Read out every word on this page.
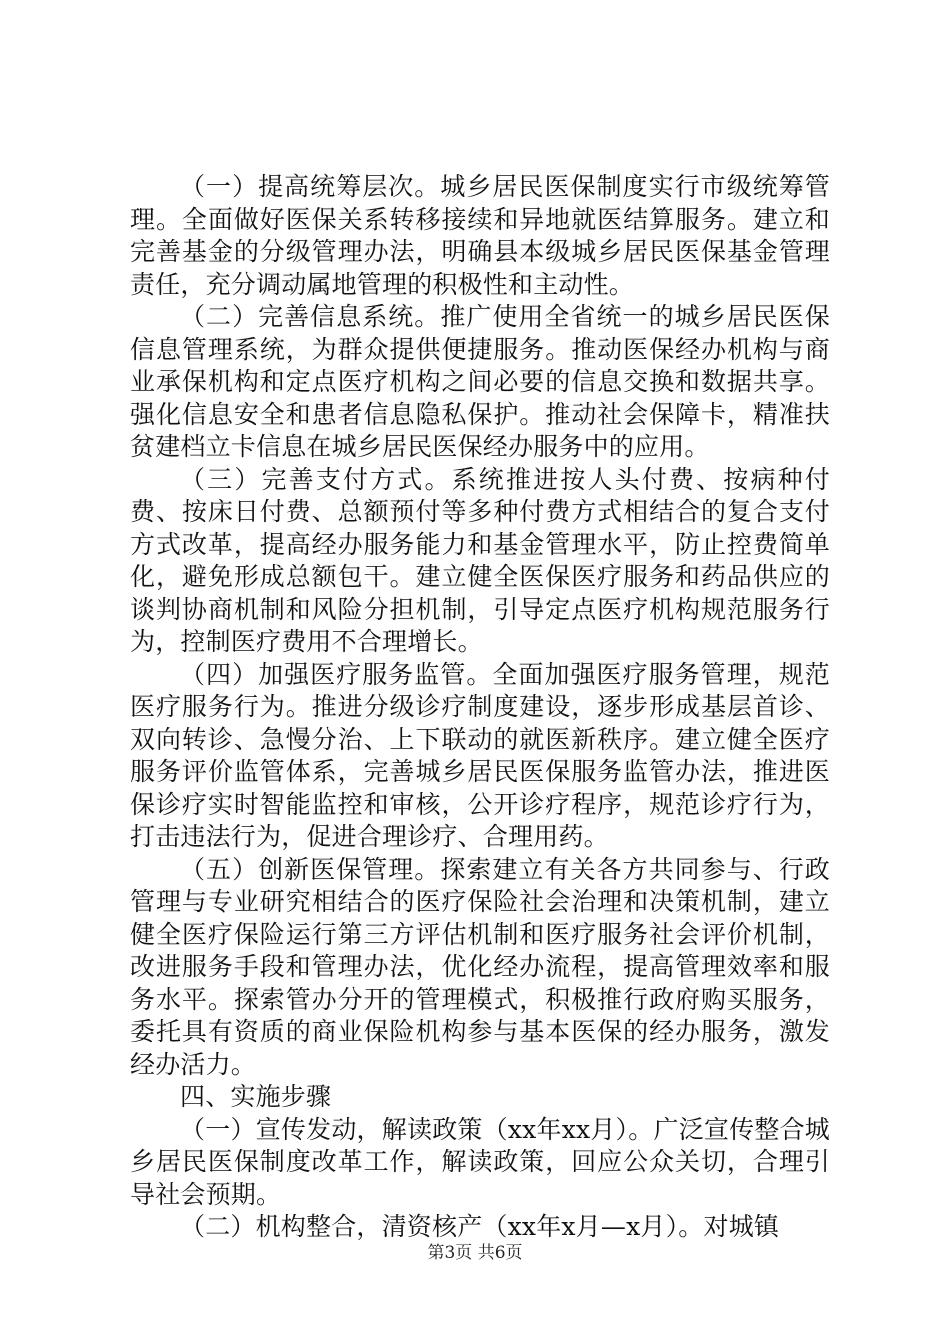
（一）提高统筹层次。城乡居民医保制度实行市级统筹管理。全面做好医保关系转移接续和异地就医结算服务。建立和完善基金的分级管理办法，明确县本级城乡居民医保基金管理责任，充分调动属地管理的积极性和主动性。

（二）完善信息系统。推广使用全省统一的城乡居民医保信息管理系统，为群众提供便捷服务。推动医保经办机构与商业承保机构和定点医疗机构之间必要的信息交换和数据共享。强化信息安全和患者信息隐私保护。推动社会保障卡，精准扶贫建档立卡信息在城乡居民医保经办服务中的应用。

（三）完善支付方式。系统推进按人头付费、按病种付费、按床日付费、总额预付等多种付费方式相结合的复合支付方式改革，提高经办服务能力和基金管理水平，防止控费简单化，避免形成总额包干。建立健全医保医疗服务和药品供应的谈判协商机制和风险分担机制，引导定点医疗机构规范服务行为，控制医疗费用不合理增长。

（四）加强医疗服务监管。全面加强医疗服务管理，规范医疗服务行为。推进分级诊疗制度建设，逐步形成基层首诊、双向转诊、急慢分治、上下联动的就医新秩序。建立健全医疗服务评价监管体系，完善城乡居民医保服务监管办法，推进医保诊疗实时智能监控和审核，公开诊疗程序，规范诊疗行为，打击违法行为，促进合理诊疗、合理用药。

（五）创新医保管理。探索建立有关各方共同参与、行政管理与专业研究相结合的医疗保险社会治理和决策机制，建立健全医疗保险运行第三方评估机制和医疗服务社会评价机制，改进服务手段和管理办法，优化经办流程，提高管理效率和服务水平。探索管办分开的管理模式，积极推行政府购买服务，委托具有资质的商业保险机构参与基本医保的经办服务，激发经办活力。

四、实施步骤

（一）宣传发动，解读政策（xx年xx月）。广泛宣传整合城乡居民医保制度改革工作，解读政策，回应公众关切，合理引导社会预期。

（二）机构整合，清资核产（xx年x月—x月）。对城镇

第3页 共6页
